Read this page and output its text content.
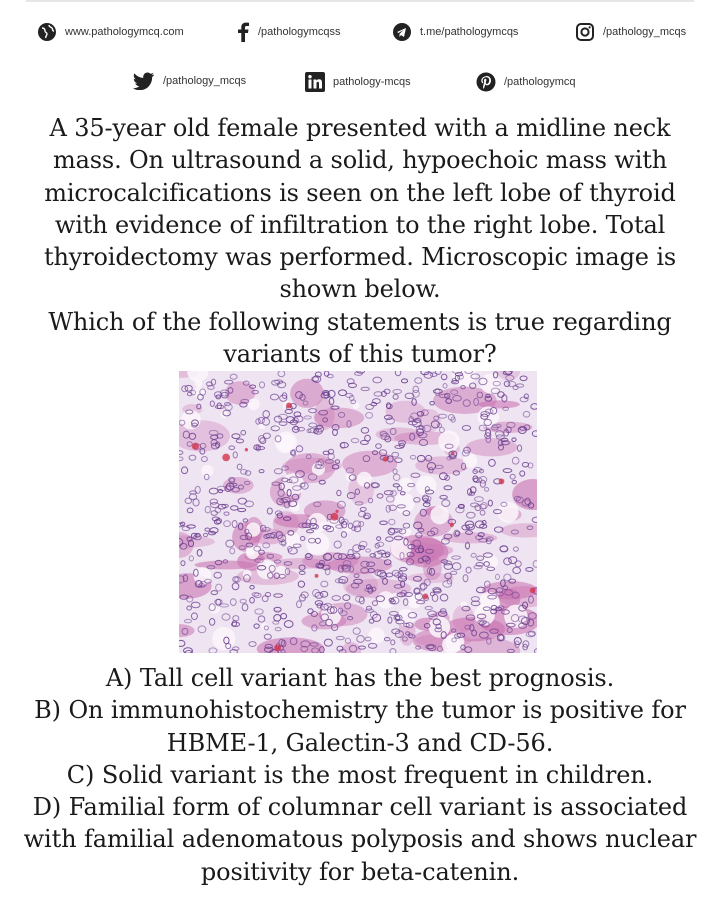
www.pathologymcq.com	/pathologymcqss	t.me/pathologymcqs	/pathology_mcqs
/pathology_mcqs	pathology-mcqs	/pathologymcq
A 35-year old female presented with a midline neck mass. On ultrasound a solid, hypoechoic mass with microcalcifications is seen on the left lobe of thyroid with evidence of infiltration to the right lobe. Total thyroidectomy was performed. Microscopic image is shown below.
Which of the following statements is true regarding variants of this tumor?

A) Tall cell variant has the best prognosis.

B) On immunohistochemistry the tumor is positive for HBME-1, Galectin-3 and CD-56.

C) Solid variant is the most frequent in children.

D) Familial form of columnar cell variant is associated with familial adenomatous polyposis and shows nuclear positivity for beta-catenin.
